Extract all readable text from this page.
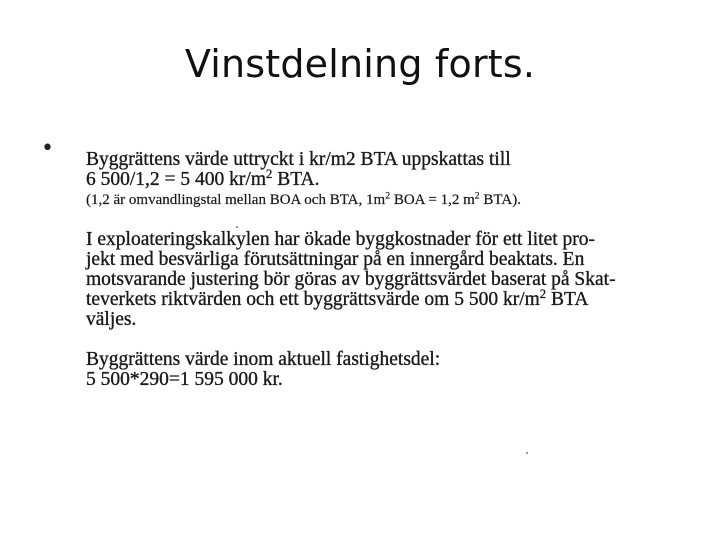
Vinstdelning forts.
• Byggrättens värde uttryckt i kr/m2 BTA uppskattas till
6 500/1,2 = 5 400 $kr/m^2$ BTA.
(1,2 är omvandlingstal mellan BOA och BTA, $1m^2$ BOA = 1,2 $m^2$ BTA).
I exploateringskalkylen har ökade byggkostnader för ett litet pro-
jekt med besvärliga förutsättningar på en innergård beaktats. En
motsvarande justering bör göras av byggrättsvärdet baserat på Skat-
teverkets riktvärden och ett byggrättsvärde om 5 500 $kr/m^2$ BTA
väljes.
Byggrättens värde inom aktuell fastighetsdel:
5 500*290=1 595 000 kr.
